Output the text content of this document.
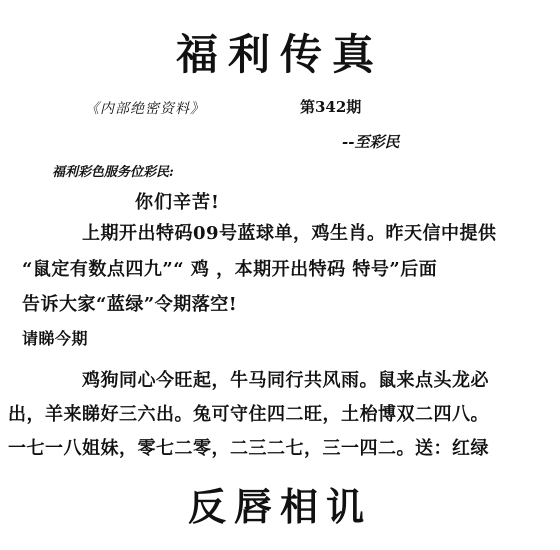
福利传真
《内部绝密资料》	第342期
--至彩民
福利彩色服务位彩民:
你们辛苦!
上期开出特码09号蓝球单，鸡生肖。昨天信中提供
“鼠定有数点四九”“ 鸡 ，本期开出特码 特号”后面
告诉大家“蓝绿”令期落空!
请睇今期
鸡狗同心今旺起，牛马同行共风雨。鼠来点头龙必
出，羊来睇好三六出。兔可守住四二旺，土枱博双二四八。
一七一八姐妹，零七二零，二三二七，三一四二。送：红绿
反唇相讥
